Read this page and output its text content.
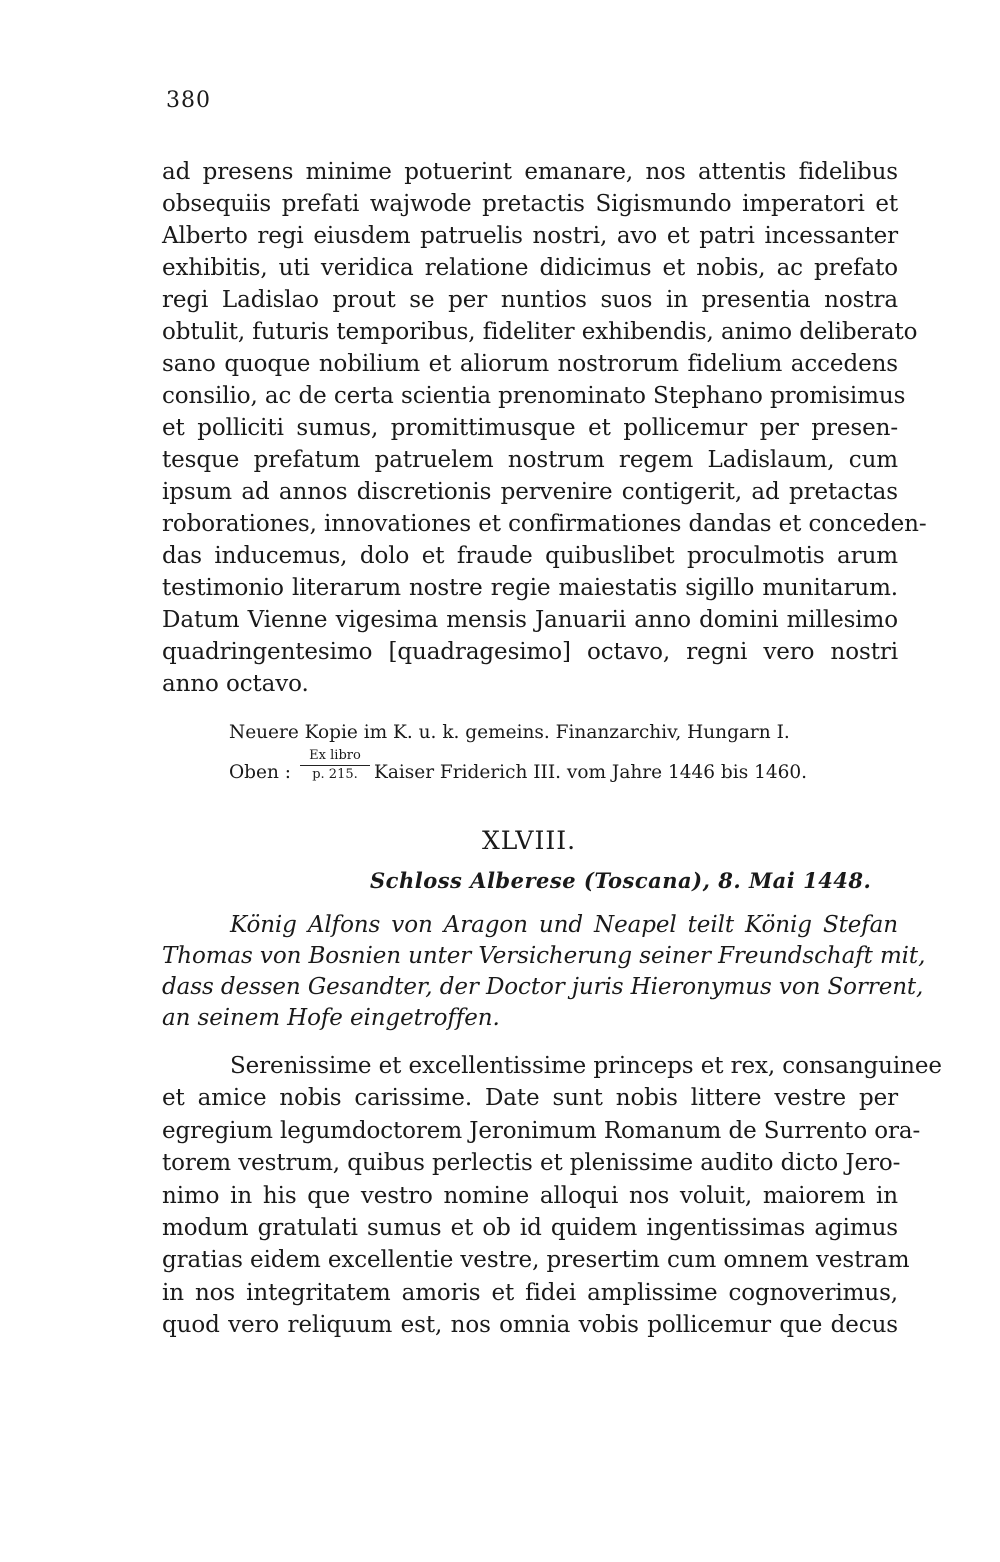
380
ad presens minime potuerint emanare, nos attentis fidelibus
obsequiis prefati wajwode pretactis Sigismundo imperatori et
Alberto regi eiusdem patruelis nostri, avo et patri incessanter
exhibitis, uti veridica relatione didicimus et nobis, ac prefato
regi Ladislao prout se per nuntios suos in presentia nostra
obtulit, futuris temporibus, fideliter exhibendis, animo deliberato
sano quoque nobilium et aliorum nostrorum fidelium accedens
consilio, ac de certa scientia prenominato Stephano promisimus
et polliciti sumus, promittimusque et pollicemur per presen-
tesque prefatum patruelem nostrum regem Ladislaum, cum
ipsum ad annos discretionis pervenire contigerit, ad pretactas
roborationes, innovationes et confirmationes dandas et conceden-
das inducemus, dolo et fraude quibuslibet proculmotis arum
testimonio literarum nostre regie maiestatis sigillo munitarum.
Datum Vienne vigesima mensis Januarii anno domini millesimo
quadringentesimo [quadragesimo] octavo, regni vero nostri
anno octavo.
Neuere Kopie im K. u. k. gemeins. Finanzarchiv, Hungarn I.
Oben :
Ex libro
p. 215. Kaiser Friderich III. vom Jahre 1446 bis 1460.
XLVIII.
Schloss Alberese (Toscana), 8. Mai 1448.
König Alfons von Aragon und Neapel teilt König Stefan
Thomas von Bosnien unter Versicherung seiner Freundschaft mit,
dass dessen Gesandter, der Doctor juris Hieronymus von Sorrent,
an seinem Hofe eingetroffen.
Serenissime et excellentissime princeps et rex, consanguinee
et amice nobis carissime. Date sunt nobis littere vestre per
egregium legumdoctorem Jeronimum Romanum de Surrento ora-
torem vestrum, quibus perlectis et plenissime audito dicto Jero-
nimo in his que vestro nomine alloqui nos voluit, maiorem in
modum gratulati sumus et ob id quidem ingentissimas agimus
gratias eidem excellentie vestre, presertim cum omnem vestram
in nos integritatem amoris et fidei amplissime cognoverimus,
quod vero reliquum est, nos omnia vobis pollicemur que decus
